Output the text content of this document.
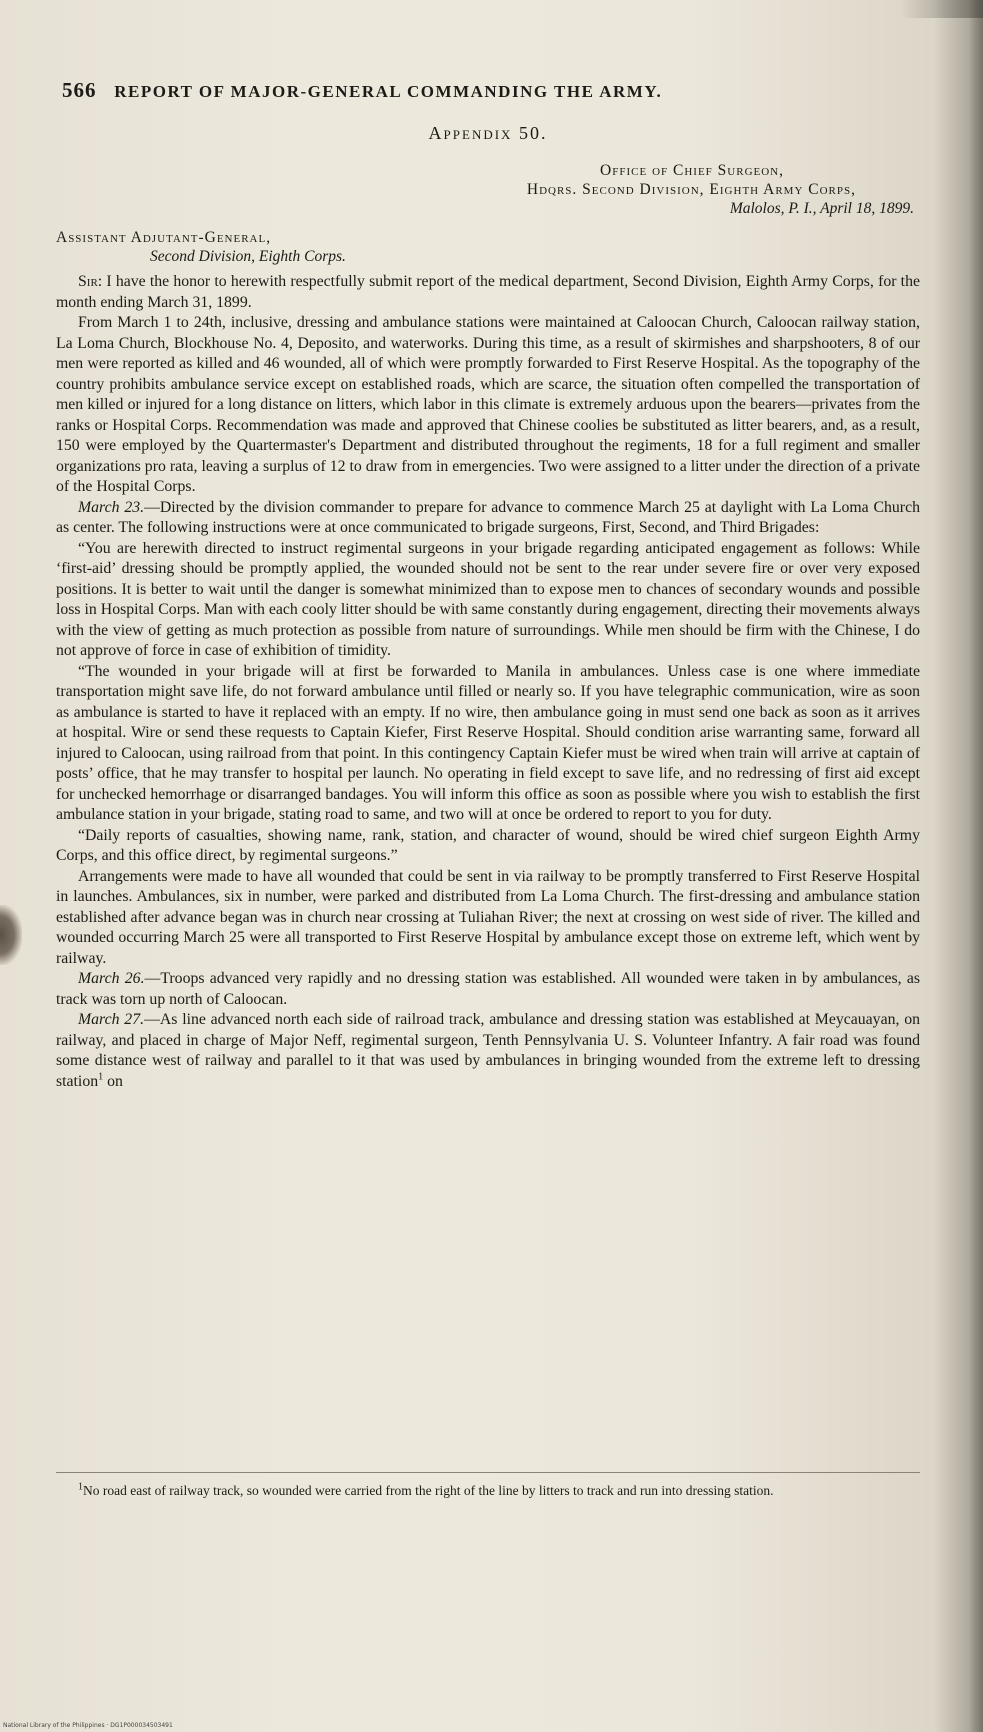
566 REPORT OF MAJOR-GENERAL COMMANDING THE ARMY.
Appendix 50.
Office of Chief Surgeon,
Hdqrs. Second Division, Eighth Army Corps,
Malolos, P. I., April 18, 1899.
Assistant Adjutant-General,
Second Division, Eighth Corps.

Sir: I have the honor to herewith respectfully submit report of the medical department, Second Division, Eighth Army Corps, for the month ending March 31, 1899.

From March 1 to 24th, inclusive, dressing and ambulance stations were maintained at Caloocan Church, Caloocan railway station, La Loma Church, Blockhouse No. 4, Deposito, and waterworks. During this time, as a result of skirmishes and sharpshooters, 8 of our men were reported as killed and 46 wounded, all of which were promptly forwarded to First Reserve Hospital. As the topography of the country prohibits ambulance service except on established roads, which are scarce, the situation often compelled the transportation of men killed or injured for a long distance on litters, which labor in this climate is extremely arduous upon the bearers—privates from the ranks or Hospital Corps. Recommendation was made and approved that Chinese coolies be substituted as litter bearers, and, as a result, 150 were employed by the Quartermaster's Department and distributed throughout the regiments, 18 for a full regiment and smaller organizations pro rata, leaving a surplus of 12 to draw from in emergencies. Two were assigned to a litter under the direction of a private of the Hospital Corps.

March 23.—Directed by the division commander to prepare for advance to commence March 25 at daylight with La Loma Church as center. The following instructions were at once communicated to brigade surgeons, First, Second, and Third Brigades:

“You are herewith directed to instruct regimental surgeons in your brigade regarding anticipated engagement as follows: While ‘first-aid’ dressing should be promptly applied, the wounded should not be sent to the rear under severe fire or over very exposed positions. It is better to wait until the danger is somewhat minimized than to expose men to chances of secondary wounds and possible loss in Hospital Corps. Man with each cooly litter should be with same constantly during engagement, directing their movements always with the view of getting as much protection as possible from nature of surroundings. While men should be firm with the Chinese, I do not approve of force in case of exhibition of timidity.

“The wounded in your brigade will at first be forwarded to Manila in ambulances. Unless case is one where immediate transportation might save life, do not forward ambulance until filled or nearly so. If you have telegraphic communication, wire as soon as ambulance is started to have it replaced with an empty. If no wire, then ambulance going in must send one back as soon as it arrives at hospital. Wire or send these requests to Captain Kiefer, First Reserve Hospital. Should condition arise warranting same, forward all injured to Caloocan, using railroad from that point. In this contingency Captain Kiefer must be wired when train will arrive at captain of posts’ office, that he may transfer to hospital per launch. No operating in field except to save life, and no redressing of first aid except for unchecked hemorrhage or disarranged bandages. You will inform this office as soon as possible where you wish to establish the first ambulance station in your brigade, stating road to same, and two will at once be ordered to report to you for duty.

“Daily reports of casualties, showing name, rank, station, and character of wound, should be wired chief surgeon Eighth Army Corps, and this office direct, by regimental surgeons.”

Arrangements were made to have all wounded that could be sent in via railway to be promptly transferred to First Reserve Hospital in launches. Ambulances, six in number, were parked and distributed from La Loma Church. The first-dressing and ambulance station established after advance began was in church near crossing at Tuliahan River; the next at crossing on west side of river. The killed and wounded occurring March 25 were all transported to First Reserve Hospital by ambulance except those on extreme left, which went by railway.

March 26.—Troops advanced very rapidly and no dressing station was established. All wounded were taken in by ambulances, as track was torn up north of Caloocan.

March 27.—As line advanced north each side of railroad track, ambulance and dressing station was established at Meycauayan, on railway, and placed in charge of Major Neff, regimental surgeon, Tenth Pennsylvania U. S. Volunteer Infantry. A fair road was found some distance west of railway and parallel to it that was used by ambulances in bringing wounded from the extreme left to dressing station$^1$ on

$^1$No road east of railway track, so wounded were carried from the right of the line by litters to track and run into dressing station.
National Library of the Philippines · DG1P000034503491
